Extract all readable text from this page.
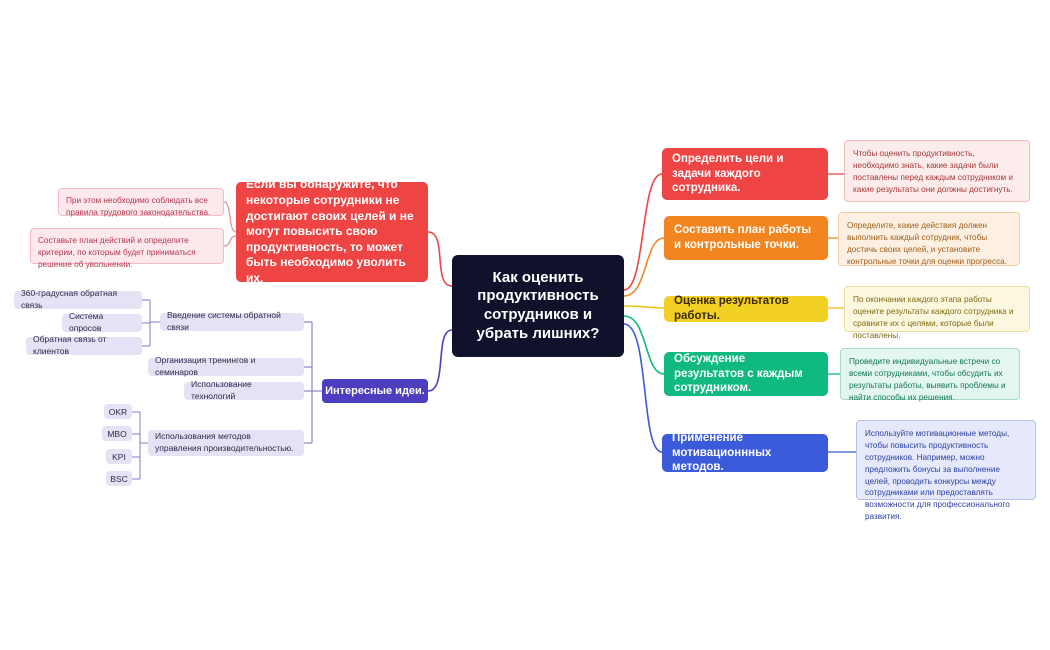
Как оценить продуктивность сотрудников и убрать лишних?
Определить цели и задачи каждого сотрудника.
Чтобы оценить продуктивность, необходимо знать, какие задачи были поставлены перед каждым сотрудником и какие результаты они должны достигнуть.
Составить план работы и контрольные точки.
Определите, какие действия должен выполнить каждый сотрудник, чтобы достичь своих целей, и установите контрольные точки для оценки прогресса.
Оценка результатов работы.
По окончании каждого этапа работы оцените результаты каждого сотрудника и сравните их с целями, которые были поставлены.
Обсуждение результатов с каждым сотрудником.
Проведите индивидуальные встречи со всеми сотрудниками, чтобы обсудить их результаты работы, выявить проблемы и найти способы их решения.
Применение мотивационнных методов.
Используйте мотивационные методы, чтобы повысить продуктивность сотрудников. Например, можно предложить бонусы за выполнение целей, проводить конкурсы между сотрудниками или предоставлять возможности для профессионального развития.
Если вы обнаружите, что некоторые сотрудники не достигают своих целей и не могут повысить свою продуктивность, то может быть необходимо уволить их.
При этом необходимо соблюдать все правила трудового законодательства.
Составьте план действий и определите критерии, по которым будет приниматься решение об увольнении.
Интересные идеи.
Введение системы обратной связи
Организация тренингов и семинаров
Использование технологий
Использования методов управления производительностью.
360-градусная обратная связь
Система опросов
Обратная связь от клиентов
OKR
MBO
KPI
BSC
